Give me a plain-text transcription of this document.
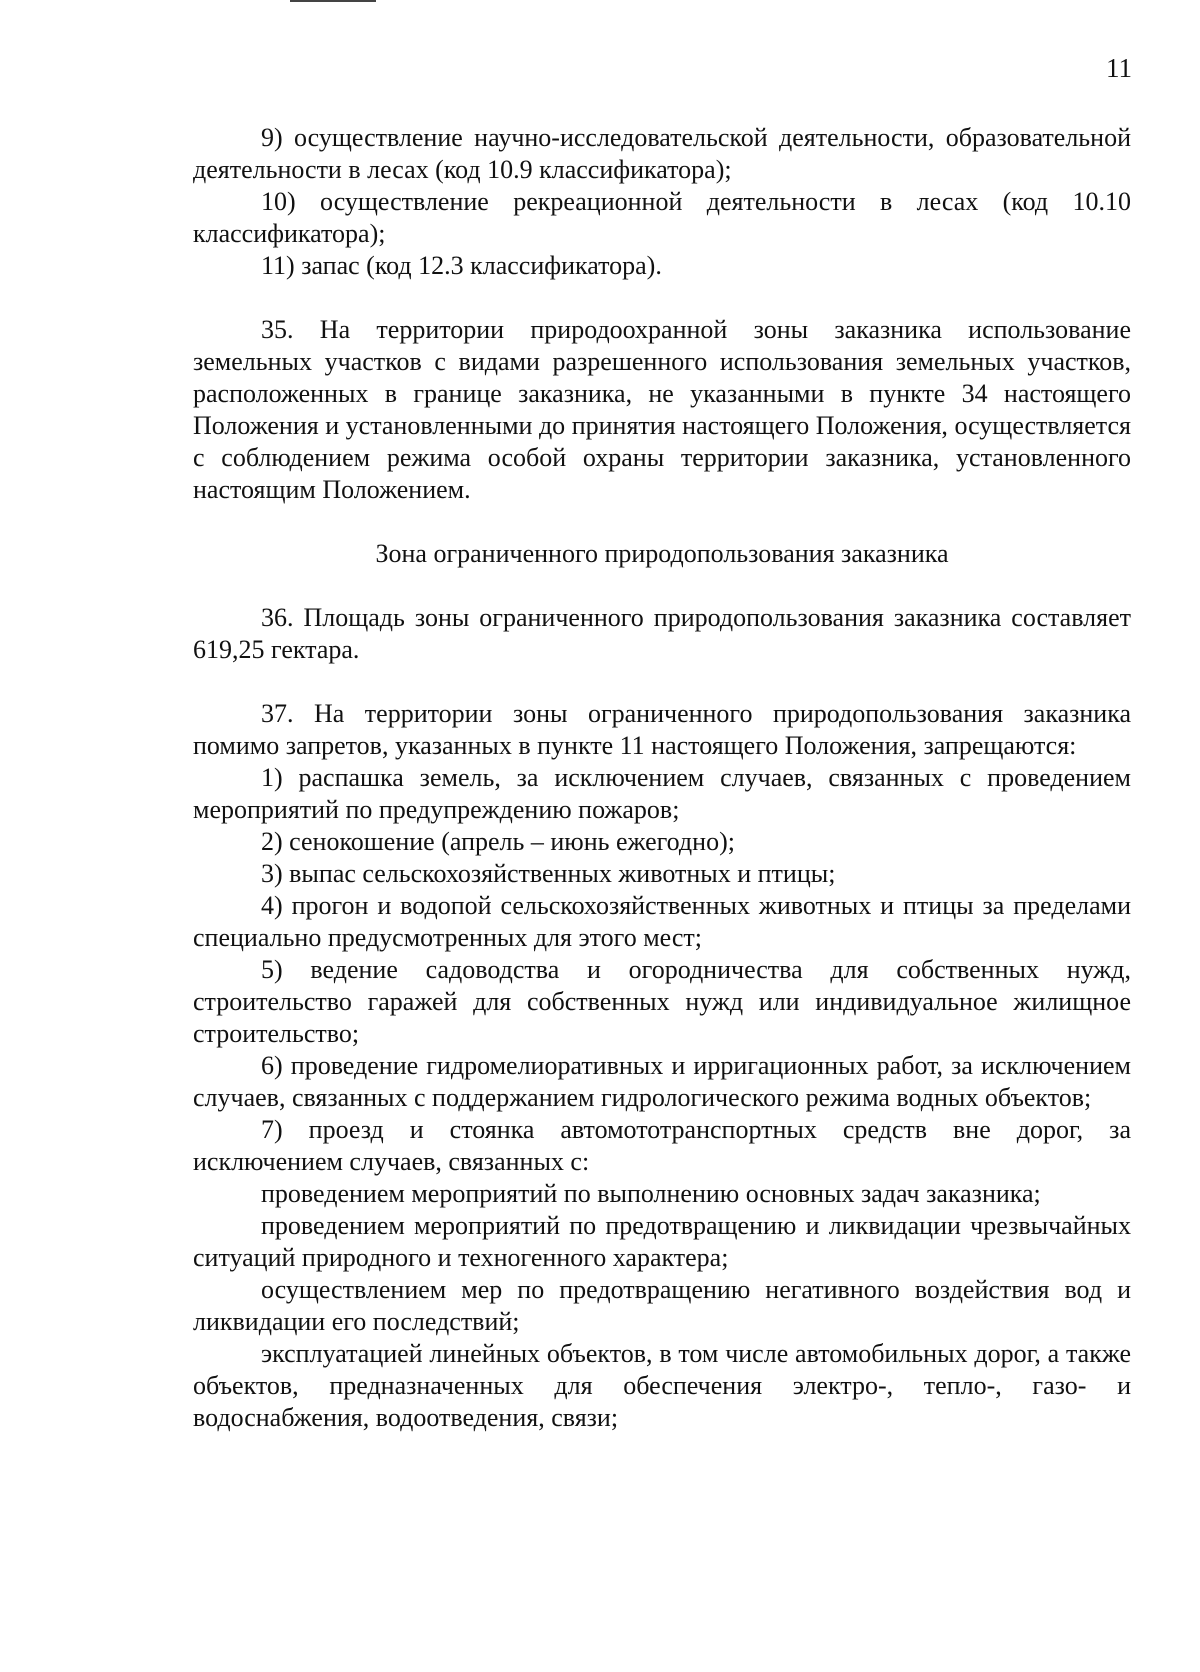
11

9) осуществление научно-исследовательской деятельности, образовательной деятельности в лесах (код 10.9 классификатора);

10) осуществление рекреационной деятельности в лесах (код 10.10 классификатора);

11) запас (код 12.3 классификатора).

35. На территории природоохранной зоны заказника использование земельных участков с видами разрешенного использования земельных участков, расположенных в границе заказника, не указанными в пункте 34 настоящего Положения и установленными до принятия настоящего Положения, осуществляется с соблюдением режима особой охраны территории заказника, установленного настоящим Положением.

Зона ограниченного природопользования заказника

36. Площадь зоны ограниченного природопользования заказника составляет 619,25 гектара.

37. На территории зоны ограниченного природопользования заказника помимо запретов, указанных в пункте 11 настоящего Положения, запрещаются:

1) распашка земель, за исключением случаев, связанных с проведением мероприятий по предупреждению пожаров;

2) сенокошение (апрель – июнь ежегодно);

3) выпас сельскохозяйственных животных и птицы;

4) прогон и водопой сельскохозяйственных животных и птицы за пределами специально предусмотренных для этого мест;

5) ведение садоводства и огородничества для собственных нужд, строительство гаражей для собственных нужд или индивидуальное жилищное строительство;

6) проведение гидромелиоративных и ирригационных работ, за исключением случаев, связанных с поддержанием гидрологического режима водных объектов;

7) проезд и стоянка автомототранспортных средств вне дорог, за исключением случаев, связанных с:

проведением мероприятий по выполнению основных задач заказника;

проведением мероприятий по предотвращению и ликвидации чрезвычайных ситуаций природного и техногенного характера;

осуществлением мер по предотвращению негативного воздействия вод и ликвидации его последствий;

эксплуатацией линейных объектов, в том числе автомобильных дорог, а также объектов, предназначенных для обеспечения электро-, тепло-, газо- и водоснабжения, водоотведения, связи;
